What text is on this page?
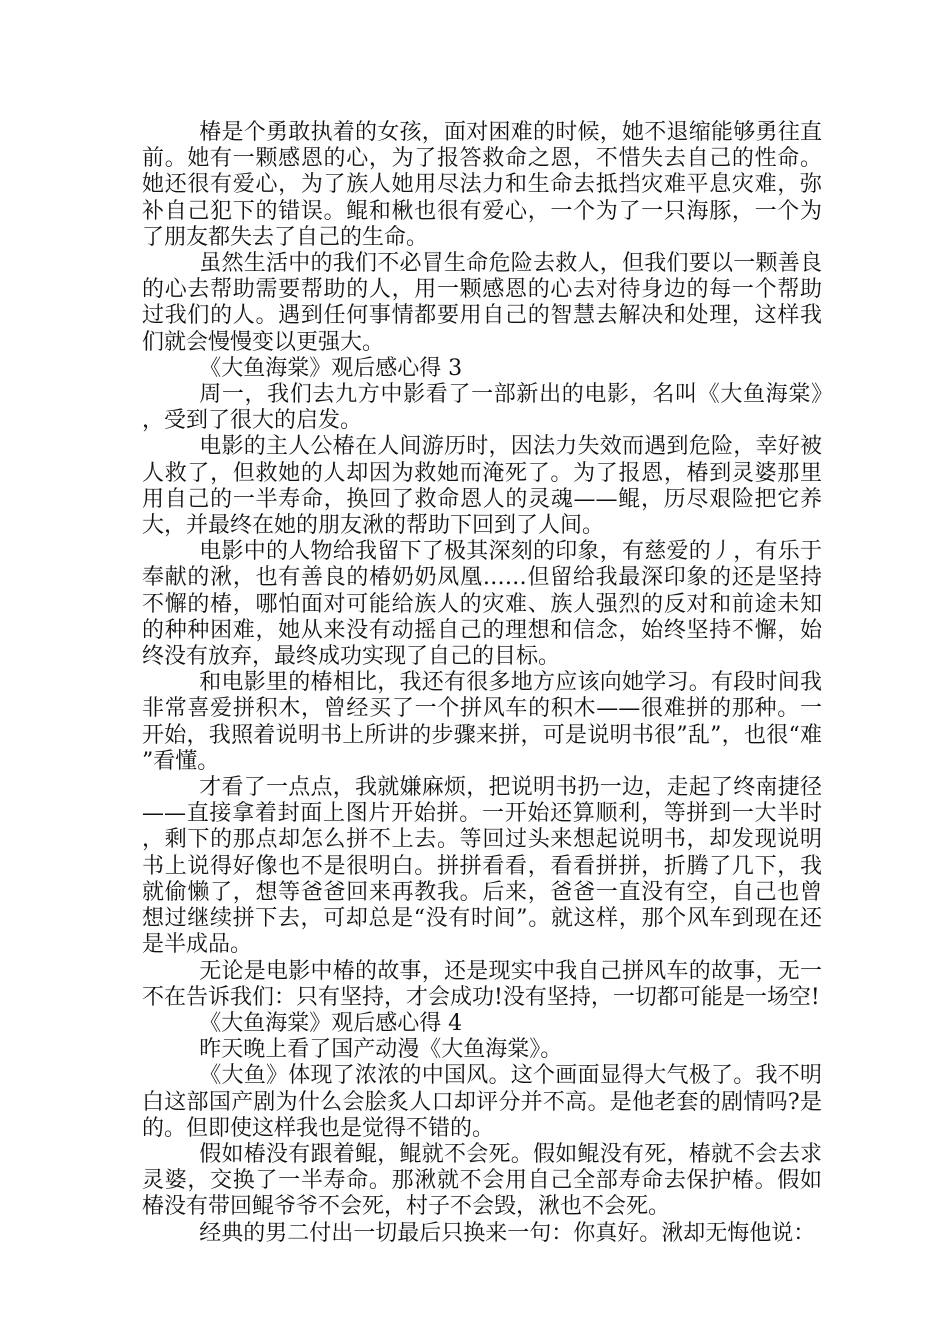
椿是个勇敢执着的女孩，面对困难的时候，她不退缩能够勇往直前。她有一颗感恩的心，为了报答救命之恩，不惜失去自己的性命。她还很有爱心，为了族人她用尽法力和生命去抵挡灾难平息灾难，弥补自己犯下的错误。鲲和楸也很有爱心，一个为了一只海豚，一个为了朋友都失去了自己的生命。

虽然生活中的我们不必冒生命危险去救人，但我们要以一颗善良的心去帮助需要帮助的人，用一颗感恩的心去对待身边的每一个帮助过我们的人。遇到任何事情都要用自己的智慧去解决和处理，这样我们就会慢慢变以更强大。

《大鱼海棠》观后感心得 3

周一，我们去九方中影看了一部新出的电影，名叫《大鱼海棠》，受到了很大的启发。

电影的主人公椿在人间游历时，因法力失效而遇到危险，幸好被人救了，但救她的人却因为救她而淹死了。为了报恩，椿到灵婆那里用自己的一半寿命，换回了救命恩人的灵魂——鲲，历尽艰险把它养大，并最终在她的朋友湫的帮助下回到了人间。

电影中的人物给我留下了极其深刻的印象，有慈爱的丿，有乐于奉献的湫，也有善良的椿奶奶凤凰……但留给我最深印象的还是坚持不懈的椿，哪怕面对可能给族人的灾难、族人强烈的反对和前途未知的种种困难，她从来没有动摇自己的理想和信念，始终坚持不懈，始终没有放弃，最终成功实现了自己的目标。

和电影里的椿相比，我还有很多地方应该向她学习。有段时间我非常喜爱拼积木，曾经买了一个拼风车的积木——很难拼的那种。一开始，我照着说明书上所讲的步骤来拼，可是说明书很”乱”，也很“难”看懂。

才看了一点点，我就嫌麻烦，把说明书扔一边，走起了终南捷径——直接拿着封面上图片开始拼。一开始还算顺利，等拼到一大半时，剩下的那点却怎么拼不上去。等回过头来想起说明书，却发现说明书上说得好像也不是很明白。拼拼看看，看看拼拼，折腾了几下，我就偷懒了，想等爸爸回来再教我。后来，爸爸一直没有空，自己也曾想过继续拼下去，可却总是“没有时间”。就这样，那个风车到现在还是半成品。

无论是电影中椿的故事，还是现实中我自己拼风车的故事，无一不在告诉我们：只有坚持，才会成功!没有坚持，一切都可能是一场空!

《大鱼海棠》观后感心得 4

昨天晚上看了国产动漫《大鱼海棠》。

《大鱼》体现了浓浓的中国风。这个画面显得大气极了。我不明白这部国产剧为什么会脍炙人口却评分并不高。是他老套的剧情吗?是的。但即使这样我也是觉得不错的。

假如椿没有跟着鲲，鲲就不会死。假如鲲没有死，椿就不会去求灵婆，交换了一半寿命。那湫就不会用自己全部寿命去保护椿。假如椿没有带回鲲爷爷不会死，村子不会毁，湫也不会死。

经典的男二付出一切最后只换来一句：你真好。湫却无悔他说：
